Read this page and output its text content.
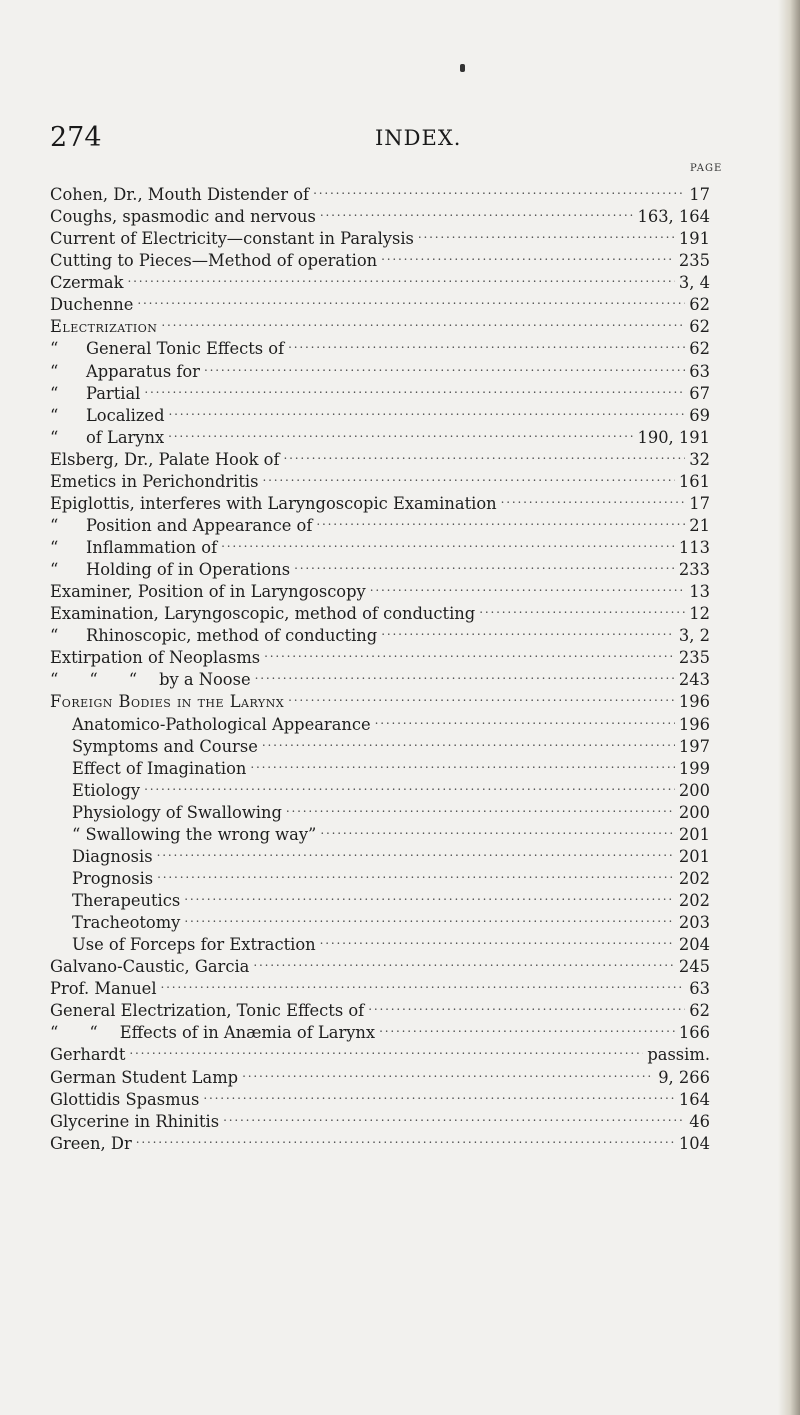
274	INDEX.
PAGE
Cohen, Dr., Mouth Distender of . . .	17
Coughs, spasmodic and nervous . . .	163, 164
Current of Electricity—constant in Paralysis . . .	191
Cutting to Pieces—Method of operation . . .	235
Czermak . . .	3, 4
Duchenne . . .	62
Electrization . . .	62
“	General Tonic Effects of . . .	62
“	Apparatus for . . .	63
“	Partial . . .	67
“	Localized . . .	69
“	of Larynx . . .	190, 191
Elsberg, Dr., Palate Hook of . . .	32
Emetics in Perichondritis . . .	161
Epiglottis, interferes with Laryngoscopic Examination . . .	17
“	Position and Appearance of . . .	21
“	Inflammation of . . .	113
“	Holding of in Operations . . .	233
Examiner, Position of in Laryngoscopy . . .	13
Examination, Laryngoscopic, method of conducting . . .	12
“	Rhinoscopic, method of conducting . . .	3, 2
Extirpation of Neoplasms . . .	235
“      “      “ by a Noose . . .	243
Foreign Bodies in the Larynx . . .	196
Anatomico-Pathological Appearance . . .	196
Symptoms and Course . . .	197
Effect of Imagination . . .	199
Etiology . . .	200
Physiology of Swallowing . . .	200
“ Swallowing the wrong way” . . .	201
Diagnosis . . .	201
Prognosis . . .	202
Therapeutics . . .	202
Tracheotomy . . .	203
Use of Forceps for Extraction . . .	204
Galvano-Caustic, Garcia . . .	245
Prof. Manuel . . .	63
General Electrization, Tonic Effects of . . .	62
“      “ Effects of in Anæmia of Larynx . . .	166
Gerhardt . . .	passim.
German Student Lamp . . .	9, 266
Glottidis Spasmus . . .	164
Glycerine in Rhinitis . . .	46
Green, Dr . . .	104
